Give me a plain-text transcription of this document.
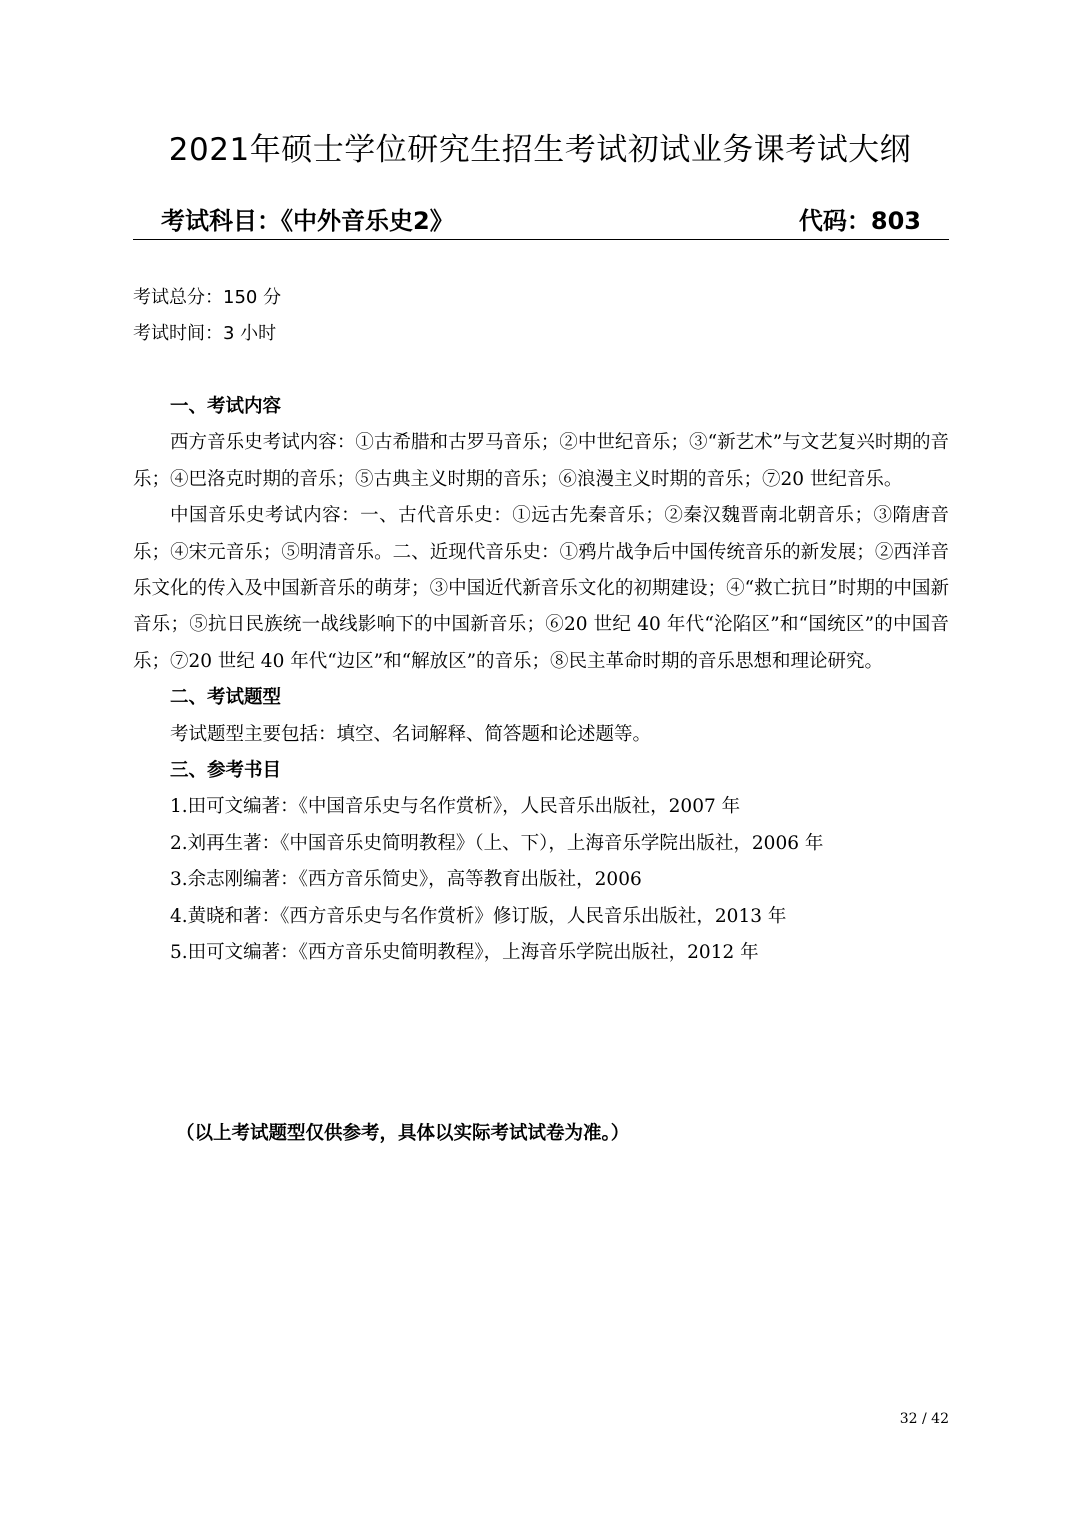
2021年硕士学位研究生招生考试初试业务课考试大纲
考试科目：《中外音乐史2》	代码：803
考试总分：150 分
考试时间：3 小时

一、考试内容

西方音乐史考试内容：①古希腊和古罗马音乐；②中世纪音乐；③“新艺术”与文艺复兴时期的音乐；④巴洛克时期的音乐；⑤古典主义时期的音乐；⑥浪漫主义时期的音乐；⑦20 世纪音乐。

中国音乐史考试内容：一、古代音乐史：①远古先秦音乐；②秦汉魏晋南北朝音乐；③隋唐音乐；④宋元音乐；⑤明清音乐。二、近现代音乐史：①鸦片战争后中国传统音乐的新发展；②西洋音乐文化的传入及中国新音乐的萌芽；③中国近代新音乐文化的初期建设；④“救亡抗日”时期的中国新音乐；⑤抗日民族统一战线影响下的中国新音乐；⑥20 世纪 40 年代“沦陷区”和“国统区”的中国音乐；⑦20 世纪 40 年代“边区”和“解放区”的音乐；⑧民主革命时期的音乐思想和理论研究。

二、考试题型

考试题型主要包括：填空、名词解释、简答题和论述题等。

三、参考书目

1.田可文编著：《中国音乐史与名作赏析》，人民音乐出版社，2007 年

2.刘再生著：《中国音乐史简明教程》（上、下），上海音乐学院出版社，2006 年

3.余志刚编著：《西方音乐简史》，高等教育出版社，2006

4.黄晓和著：《西方音乐史与名作赏析》修订版，人民音乐出版社，2013 年

5.田可文编著：《西方音乐史简明教程》，上海音乐学院出版社，2012 年

（以上考试题型仅供参考，具体以实际考试试卷为准。）
32 / 42
